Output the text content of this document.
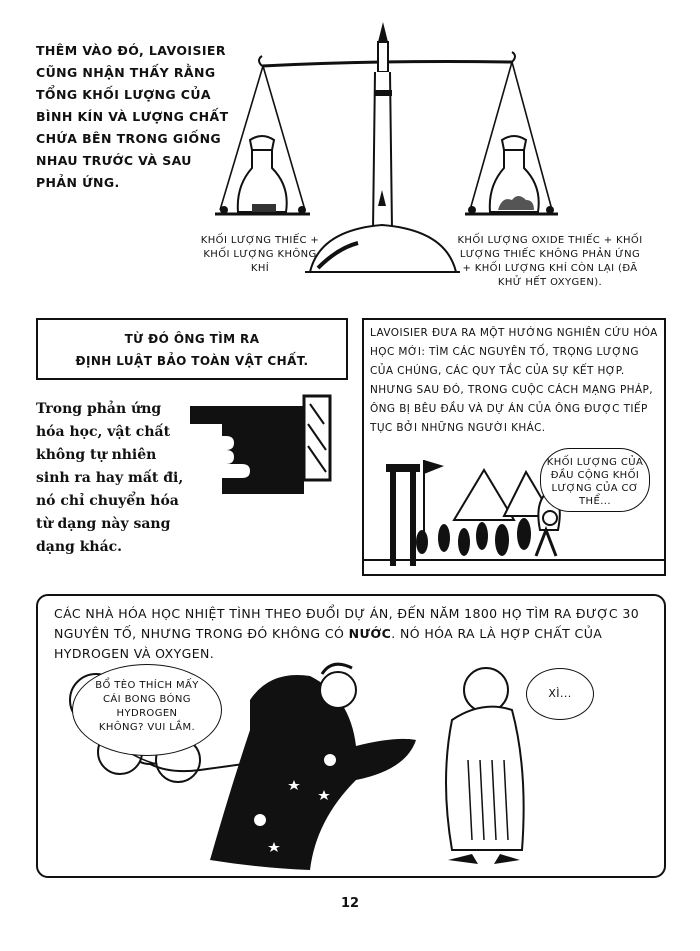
THÊM VÀO ĐÓ, LAVOISIER CŨNG NHẬN THẤY RẰNG TỔNG KHỐI LƯỢNG CỦA BÌNH KÍN VÀ LƯỢNG CHẤT CHỨA BÊN TRONG GIỐNG NHAU TRƯỚC VÀ SAU PHẢN ỨNG.
KHỐI LƯỢNG THIẾC + KHỐI LƯỢNG KHÔNG KHÍ
KHỐI LƯỢNG OXIDE THIẾC + KHỐI LƯỢNG THIẾC KHÔNG PHẢN ỨNG + KHỐI LƯỢNG KHÍ CÒN LẠI (ĐÃ KHỬ HẾT OXYGEN).
TỪ ĐÓ ÔNG TÌM RA
ĐỊNH LUẬT BẢO TOÀN VẬT CHẤT.
Trong phản ứng hóa học, vật chất không tự nhiên sinh ra hay mất đi, nó chỉ chuyển hóa từ dạng này sang dạng khác.
LAVOISIER ĐƯA RA MỘT HƯỚNG NGHIÊN CỨU HÓA HỌC MỚI: TÌM CÁC NGUYÊN TỐ, TRỌNG LƯỢNG CỦA CHÚNG, CÁC QUY TẮC CỦA SỰ KẾT HỢP. NHƯNG SAU ĐÓ, TRONG CUỘC CÁCH MẠNG PHÁP, ÔNG BỊ BÊU ĐẦU VÀ DỰ ÁN CỦA ÔNG ĐƯỢC TIẾP TỤC BỞI NHỮNG NGƯỜI KHÁC.
KHỐI LƯỢNG CỦA ĐẦU CỘNG KHỐI LƯỢNG CỦA CƠ THỂ...
CÁC NHÀ HÓA HỌC NHIỆT TÌNH THEO ĐUỔI DỰ ÁN, ĐẾN NĂM 1800 HỌ TÌM RA ĐƯỢC 30 NGUYÊN TỐ, NHƯNG TRONG ĐÓ KHÔNG CÓ NƯỚC. NÓ HÓA RA LÀ HỢP CHẤT CỦA HYDROGEN VÀ OXYGEN.
BỔ TÈO THÍCH MẤY CÁI BONG BÓNG HYDROGEN KHÔNG? VUI LẮM.
XÌ...
12
